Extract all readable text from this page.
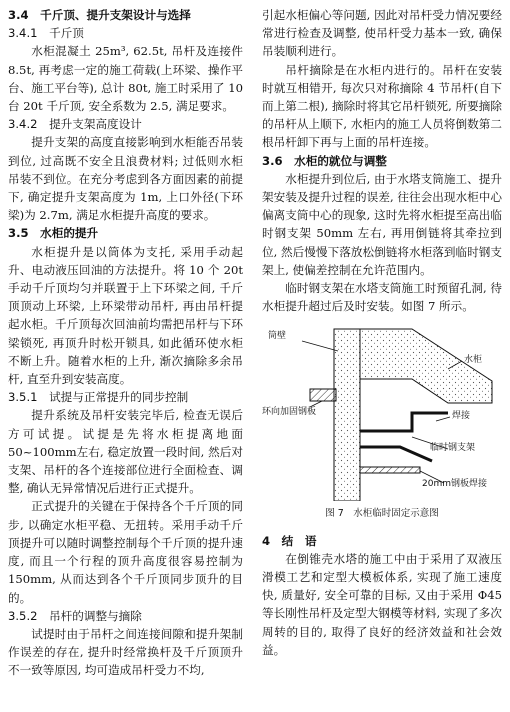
3.4　千斤顶、提升支架设计与选择
3.4.1　千斤顶

水柜混凝土 25m³, 62.5t, 吊杆及连接件 8.5t, 再考虑一定的施工荷载(上环梁、操作平台、施工平台等), 总计 80t, 施工时采用了 10 台 20t 千斤顶, 安全系数为 2.5, 满足要求。

3.4.2　提升支架高度设计

提升支架的高度直接影响到水柜能否吊装到位, 过高既不安全且浪费材料; 过低则水柜吊装不到位。在充分考虑到各方面因素的前提下, 确定提升支架高度为 1m, 上口外径(下环梁)为 2.7m, 满足水柜提升高度的要求。

3.5　水柜的提升

水柜提升是以筒体为支托, 采用手动起升、电动液压回油的方法提升。将 10 个 20t 手动千斤顶均匀并联置于上下环梁之间, 千斤顶顶动上环梁, 上环梁带动吊杆, 再由吊杆提起水柜。千斤顶每次回油前均需把吊杆与下环梁锁死, 再顶升时松开锁具, 如此循环使水柜不断上升。随着水柜的上升, 渐次摘除多余吊杆, 直至升到安装高度。

3.5.1　试提与正常提升的同步控制

提升系统及吊杆安装完毕后, 检查无误后方可试提。试提是先将水柜提离地面 50~100mm左右, 稳定放置一段时间, 然后对支架、吊杆的各个连接部位进行全面检查、调整, 确认无异常情况后进行正式提升。

正式提升的关键在于保持各个千斤顶的同步, 以确定水柜平稳、无扭转。采用手动千斤顶提升可以随时调整控制每个千斤顶的提升速度, 而且一个行程的顶升高度很容易控制为 150mm, 从而达到各个千斤顶同步顶升的目的。

3.5.2　吊杆的调整与摘除

试提时由于吊杆之间连接间隙和提升架制作误差的存在, 提升时经常换杆及千斤顶顶升不一致等原因, 均可造成吊杆受力不均,

引起水柜偏心等问题, 因此对吊杆受力情况要经常进行检查及调整, 使吊杆受力基本一致, 确保吊装顺利进行。

吊杆摘除是在水柜内进行的。吊杆在安装时就互相错开, 每次只对称摘除 4 节吊杆(自下而上第二根), 摘除时将其它吊杆锁死, 所要摘除的吊杆从上顺下, 水柜内的施工人员将倒数第二根吊杆卸下再与上面的吊杆连接。

3.6　水柜的就位与调整

水柜提升到位后, 由于水塔支筒施工、提升架安装及提升过程的误差, 往往会出现水柜中心偏离支筒中心的现象, 这时先将水柜提至高出临时钢支架 50mm 左右, 再用倒链将其牵拉到位, 然后慢慢下落放松倒链将水柜落到临时钢支架上, 使偏差控制在允许范围内。

临时钢支架在水塔支筒施工时预留孔洞, 待水柜提升超过后及时安装。如图 7 所示。

筒壁
水柜
环向加固钢板	焊接
临时钢支架
20mm钢板焊接
图 7　水柜临时固定示意图
4　结　语

在倒锥壳水塔的施工中由于采用了双液压滑模工艺和定型大模板体系, 实现了施工速度快, 质量好, 安全可靠的目标, 又由于采用 Φ45 等长刚性吊杆及定型大钢模等材料, 实现了多次周转的目的, 取得了良好的经济效益和社会效益。
